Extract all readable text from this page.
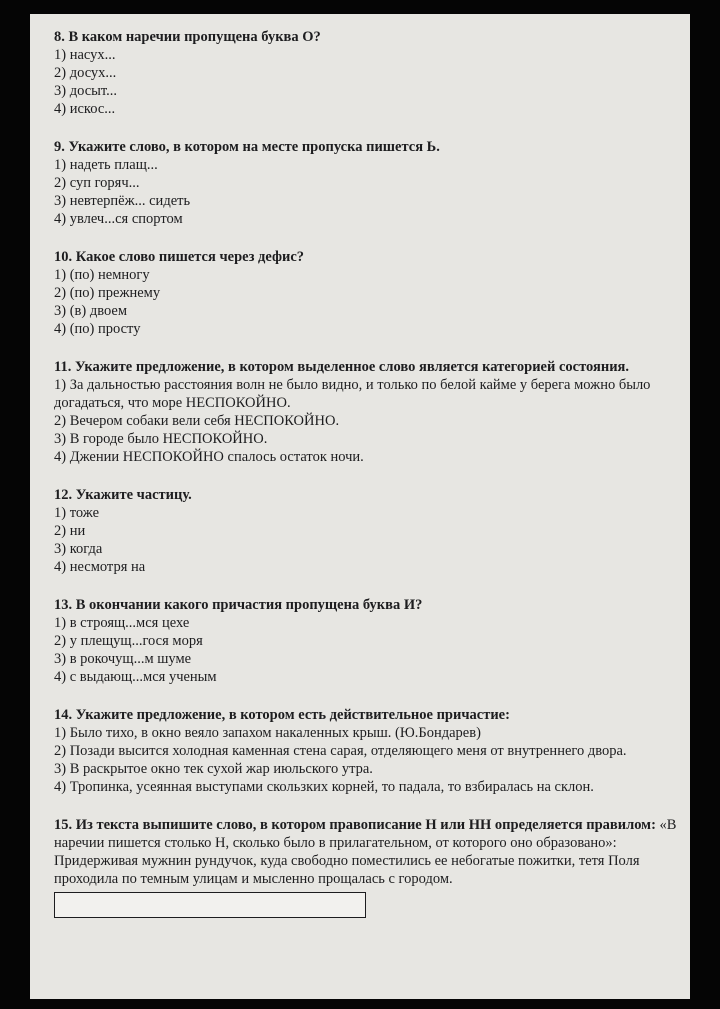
8. В каком наречии пропущена буква О?
1) насух...
2) досух...
3) досыт...
4) искос...
9. Укажите слово, в котором на месте пропуска пишется Ь.
1) надеть плащ...
2) суп горяч...
3) невтерпёж... сидеть
4) увлеч...ся спортом
10. Какое слово пишется через дефис?
1) (по) немногу
2) (по) прежнему
3) (в) двоем
4) (по) просту
11. Укажите предложение, в котором выделенное слово является категорией состояния.
1) За дальностью расстояния волн не было видно, и только по белой кайме у берега можно было догадаться, что море НЕСПОКОЙНО.
2) Вечером собаки вели себя НЕСПОКОЙНО.
3) В городе было НЕСПОКОЙНО.
4) Джении НЕСПОКОЙНО спалось остаток ночи.
12. Укажите частицу.
1) тоже
2) ни
3) когда
4) несмотря на
13. В окончании какого причастия пропущена буква И?
1) в строящ...мся цехе
2) у плещущ...гося моря
3) в рокочущ...м шуме
4) с выдающ...мся ученым
14. Укажите предложение, в котором есть действительное причастие:
1) Было тихо, в окно веяло запахом накаленных крыш. (Ю.Бондарев)
2) Позади высится холодная каменная стена сарая, отделяющего меня от внутреннего двора.
3) В раскрытое окно тек сухой жар июльского утра.
4) Тропинка, усеянная выступами скользких корней, то падала, то взбиралась на склон.
15. Из текста выпишите слово, в котором правописание Н или НН определяется правилом: «В наречии пишется столько Н, сколько было в прилагательном, от которого оно образовано»:
Придерживая мужнин рундучок, куда свободно поместились ее небогатые пожитки, тетя Поля проходила по темным улицам и мысленно прощалась с городом.
